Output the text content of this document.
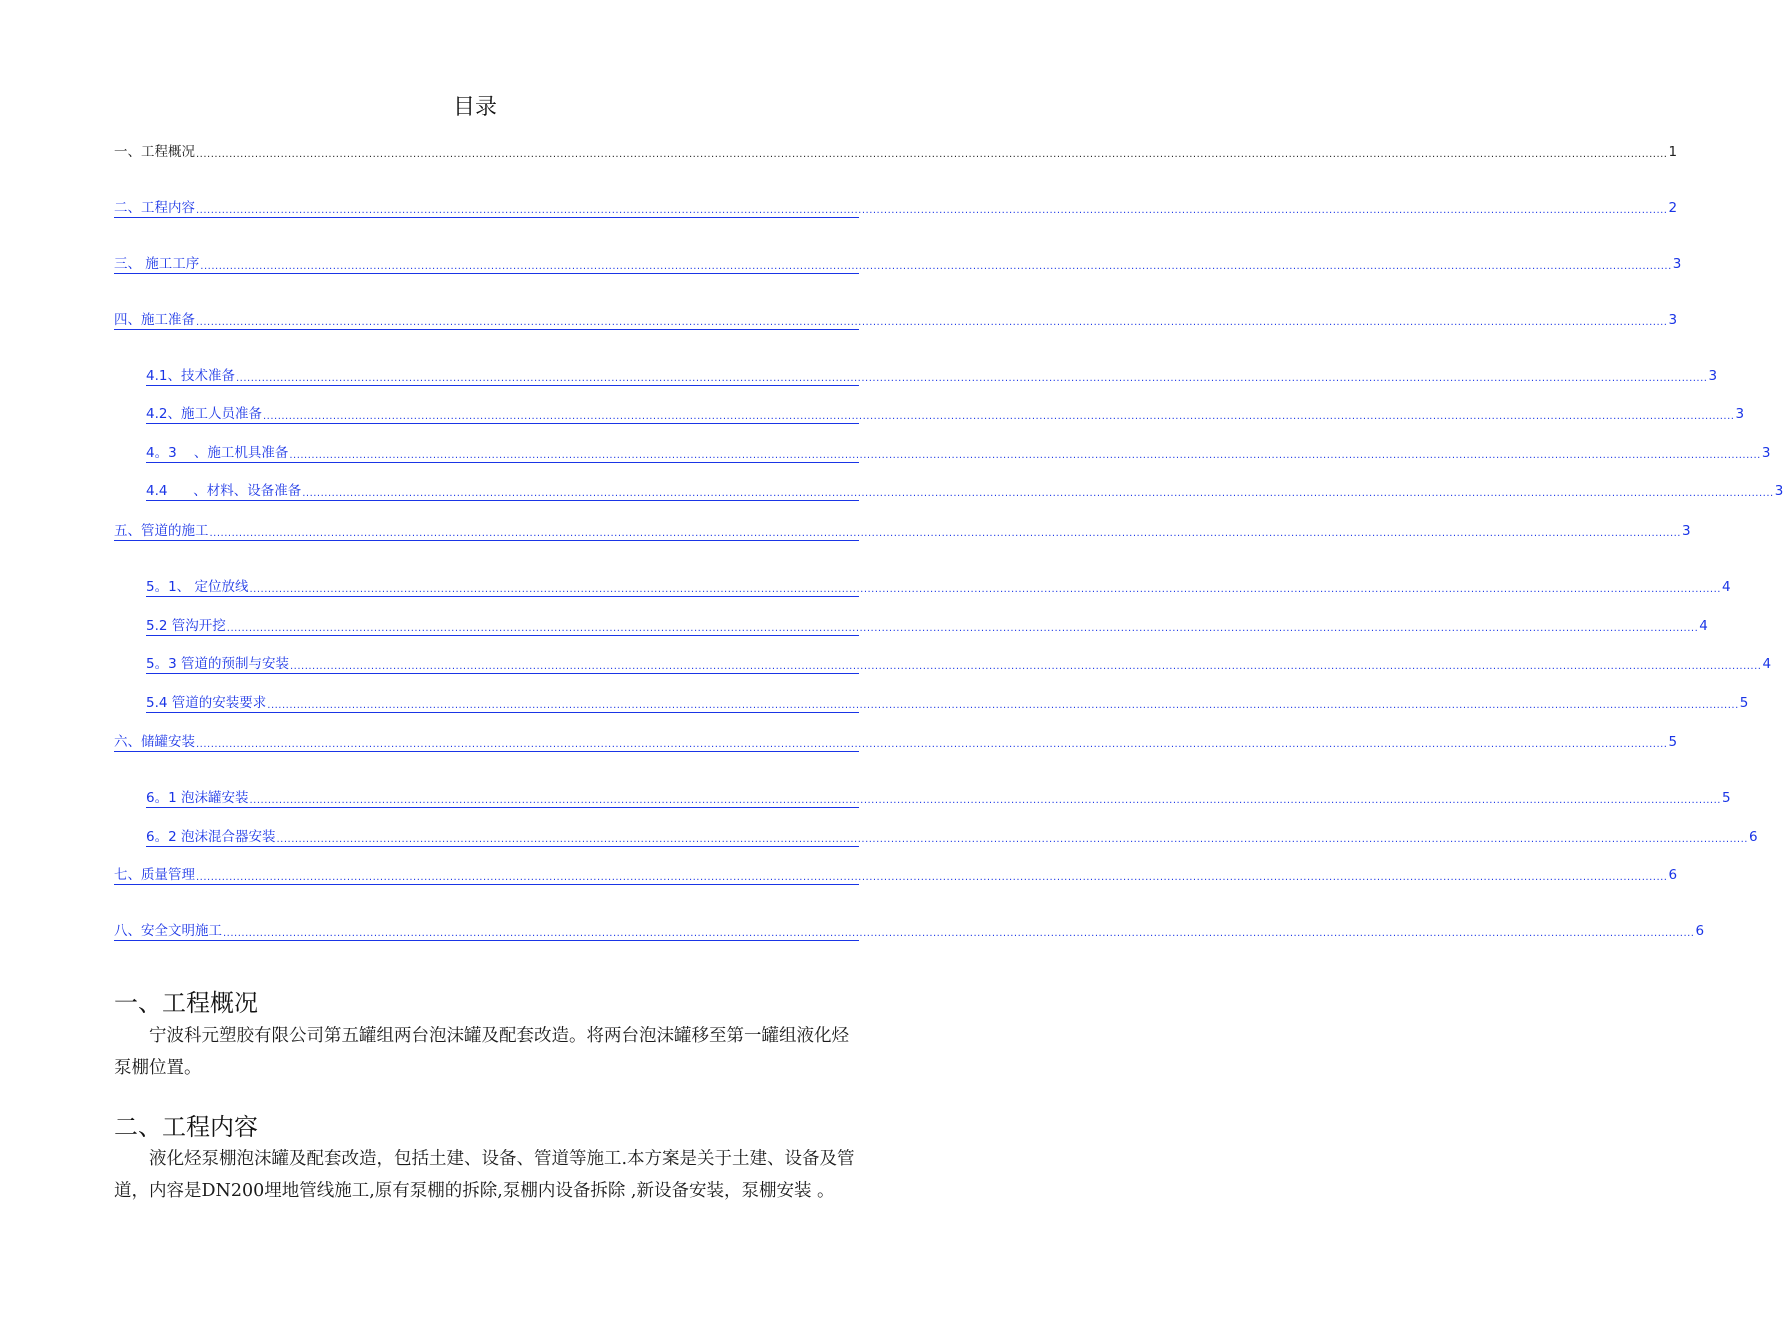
目录
一、工程概况 ................................................................................................................................................................................................................................................................................................................................................................................................................ 1
二、工程内容 ................................................................................................................................................................................................................................................................................................................................................................................................................ 2
三、 施工工序 ................................................................................................................................................................................................................................................................................................................................................................................................................ 3
四、施工准备 ................................................................................................................................................................................................................................................................................................................................................................................................................ 3
4.1、技术准备 ................................................................................................................................................................................................................................................................................................................................................................................................................ 3
4.2、施工人员准备 ................................................................................................................................................................................................................................................................................................................................................................................................................ 3
4。3    、施工机具准备 ................................................................................................................................................................................................................................................................................................................................................................................................................ 3
4.4      、材料、设备准备 ................................................................................................................................................................................................................................................................................................................................................................................................................ 3
五、管道的施工 ................................................................................................................................................................................................................................................................................................................................................................................................................ 3
5。1、 定位放线 ................................................................................................................................................................................................................................................................................................................................................................................................................ 4
5.2 管沟开挖 ................................................................................................................................................................................................................................................................................................................................................................................................................ 4
5。3 管道的预制与安装 ................................................................................................................................................................................................................................................................................................................................................................................................................ 4
5.4 管道的安装要求 ................................................................................................................................................................................................................................................................................................................................................................................................................ 5
六、储罐安装 ................................................................................................................................................................................................................................................................................................................................................................................................................ 5
6。1 泡沫罐安装 ................................................................................................................................................................................................................................................................................................................................................................................................................ 5
6。2 泡沫混合器安装 ................................................................................................................................................................................................................................................................................................................................................................................................................ 6
七、质量管理 ................................................................................................................................................................................................................................................................................................................................................................................................................ 6
八、安全文明施工 ................................................................................................................................................................................................................................................................................................................................................................................................................ 6
一、工程概况

宁波科元塑胶有限公司第五罐组两台泡沫罐及配套改造。将两台泡沫罐移至第一罐组液化烃泵棚位置。

二、工程内容

液化烃泵棚泡沫罐及配套改造，包括土建、设备、管道等施工.本方案是关于土建、设备及管道，内容是DN200埋地管线施工,原有泵棚的拆除,泵棚内设备拆除 ,新设备安装，泵棚安装 。
